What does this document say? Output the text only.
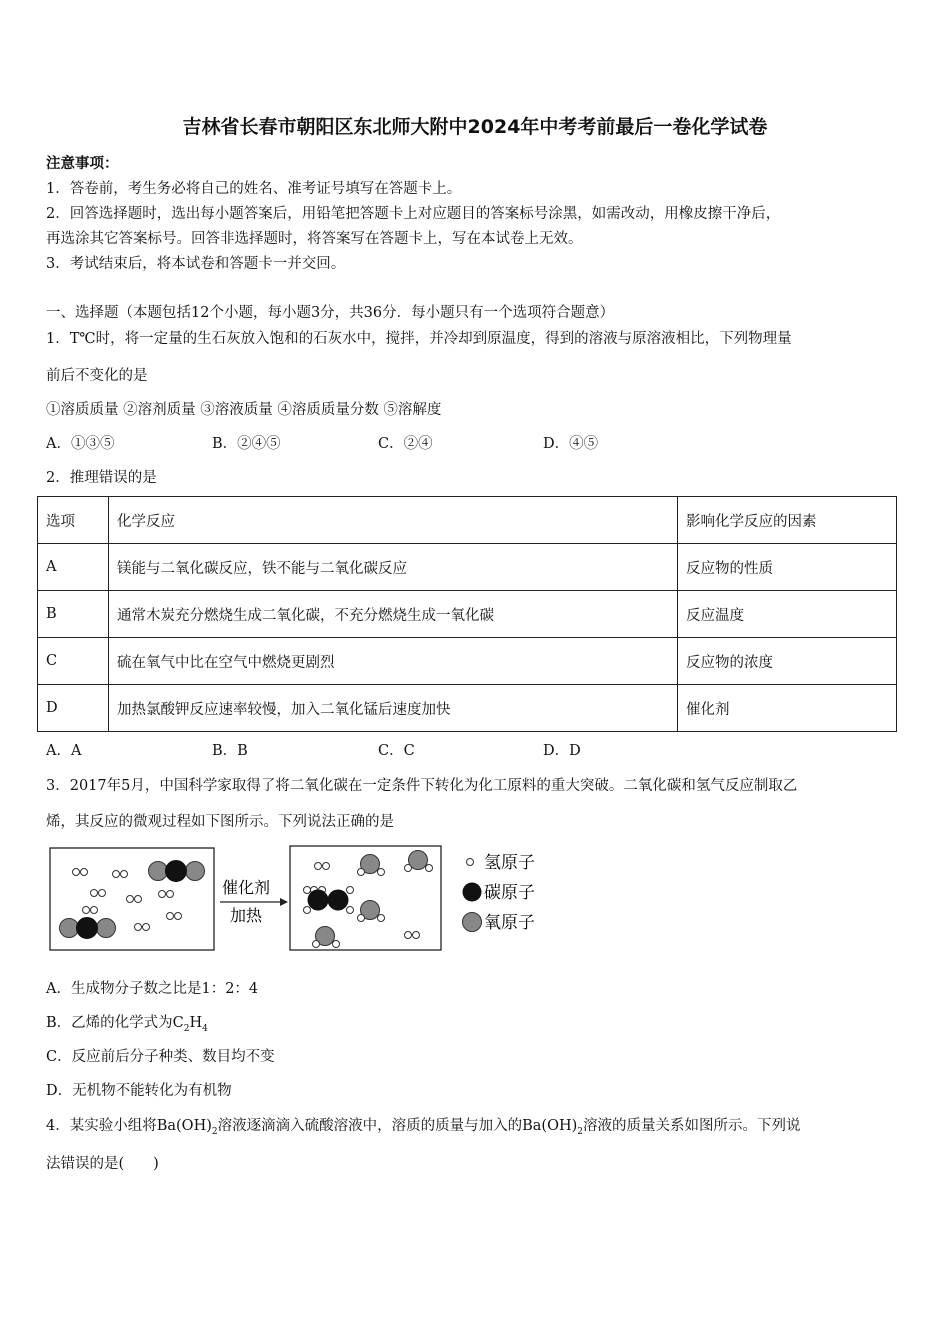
吉林省长春市朝阳区东北师大附中2024年中考考前最后一卷化学试卷
注意事项：
1．答卷前，考生务必将自己的姓名、准考证号填写在答题卡上。
2．回答选择题时，选出每小题答案后，用铅笔把答题卡上对应题目的答案标号涂黑，如需改动，用橡皮擦干净后，
再选涂其它答案标号。回答非选择题时，将答案写在答题卡上，写在本试卷上无效。
3．考试结束后，将本试卷和答题卡一并交回。
一、选择题（本题包括12个小题，每小题3分，共36分．每小题只有一个选项符合题意）
1．T℃时，将一定量的生石灰放入饱和的石灰水中，搅拌，并冷却到原温度，得到的溶液与原溶液相比，下列物理量
前后不变化的是
①溶质质量 ②溶剂质量 ③溶液质量 ④溶质质量分数 ⑤溶解度
A．①③⑤	B．②④⑤	C．②④	D．④⑤
2．推理错误的是
选项	化学反应	影响化学反应的因素
A	镁能与二氧化碳反应，铁不能与二氧化碳反应	反应物的性质
B	通常木炭充分燃烧生成二氧化碳，不充分燃烧生成一氧化碳	反应温度
C	硫在氧气中比在空气中燃烧更剧烈	反应物的浓度
D	加热氯酸钾反应速率较慢，加入二氧化锰后速度加快	催化剂
A．A	B．B	C．C	D．D
3．2017年5月，中国科学家取得了将二氧化碳在一定条件下转化为化工原料的重大突破。二氧化碳和氢气反应制取乙
烯，其反应的微观过程如下图所示。下列说法正确的是
催化剂
加热
氢原子
碳原子
氧原子
A．生成物分子数之比是1：2：4
B．乙烯的化学式为$C_2H_4$
C．反应前后分子种类、数目均不变
D．无机物不能转化为有机物
4．某实验小组将$Ba(OH)_2$溶液逐滴滴入硫酸溶液中，溶质的质量与加入的$Ba(OH)_2$溶液的质量关系如图所示。下列说
法错误的是(　　)
